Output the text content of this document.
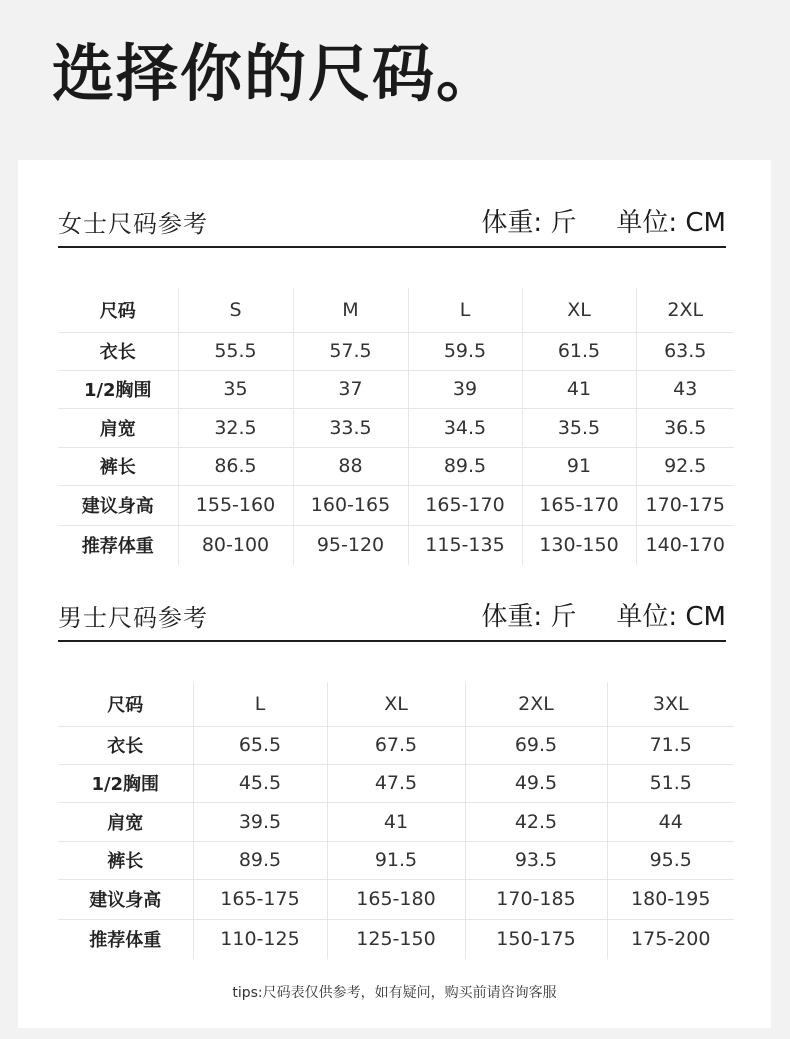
选择你的尺码。
女士尺码参考	体重: 斤 单位: CM
尺码	S	M	L	XL	2XL
衣长	55.5	57.5	59.5	61.5	63.5
1/2胸围	35	37	39	41	43
肩宽	32.5	33.5	34.5	35.5	36.5
裤长	86.5	88	89.5	91	92.5
建议身高	155-160	160-165	165-170	165-170	170-175
推荐体重	80-100	95-120	115-135	130-150	140-170
男士尺码参考	体重: 斤 单位: CM
尺码	L	XL	2XL	3XL
衣长	65.5	67.5	69.5	71.5
1/2胸围	45.5	47.5	49.5	51.5
肩宽	39.5	41	42.5	44
裤长	89.5	91.5	93.5	95.5
建议身高	165-175	165-180	170-185	180-195
推荐体重	110-125	125-150	150-175	175-200
tips:尺码表仅供参考，如有疑问，购买前请咨询客服
